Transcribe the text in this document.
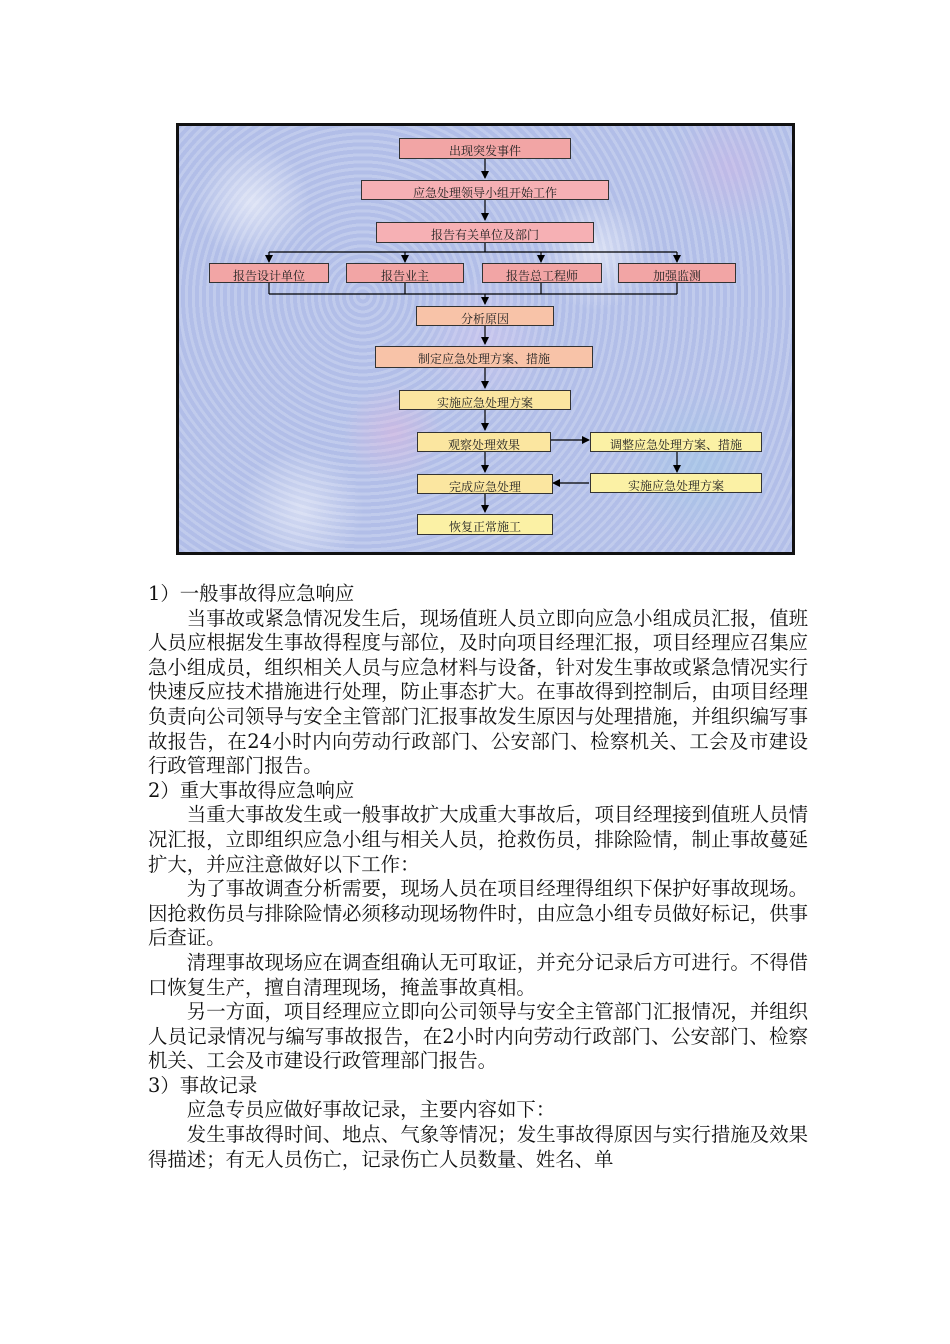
出现突发事件
应急处理领导小组开始工作
报告有关单位及部门
报告设计单位	报告业主	报告总工程师	加强监测
分析原因
制定应急处理方案、措施
实施应急处理方案
观察处理效果	调整应急处理方案、措施
完成应急处理	实施应急处理方案
恢复正常施工

1）一般事故得应急响应

当事故或紧急情况发生后，现场值班人员立即向应急小组成员汇报，值班人员应根据发生事故得程度与部位，及时向项目经理汇报，项目经理应召集应急小组成员，组织相关人员与应急材料与设备，针对发生事故或紧急情况实行快速反应技术措施进行处理，防止事态扩大。在事故得到控制后，由项目经理负责向公司领导与安全主管部门汇报事故发生原因与处理措施，并组织编写事故报告，在24小时内向劳动行政部门、公安部门、检察机关、工会及市建设行政管理部门报告。

2）重大事故得应急响应

当重大事故发生或一般事故扩大成重大事故后，项目经理接到值班人员情况汇报，立即组织应急小组与相关人员，抢救伤员，排除险情，制止事故蔓延扩大，并应注意做好以下工作：

为了事故调查分析需要，现场人员在项目经理得组织下保护好事故现场。因抢救伤员与排除险情必须移动现场物件时，由应急小组专员做好标记，供事后查证。

清理事故现场应在调查组确认无可取证，并充分记录后方可进行。不得借口恢复生产，擅自清理现场，掩盖事故真相。

另一方面，项目经理应立即向公司领导与安全主管部门汇报情况，并组织人员记录情况与编写事故报告，在2小时内向劳动行政部门、公安部门、检察机关、工会及市建设行政管理部门报告。

3）事故记录

应急专员应做好事故记录，主要内容如下：

发生事故得时间、地点、气象等情况；发生事故得原因与实行措施及效果得描述；有无人员伤亡，记录伤亡人员数量、姓名、单
